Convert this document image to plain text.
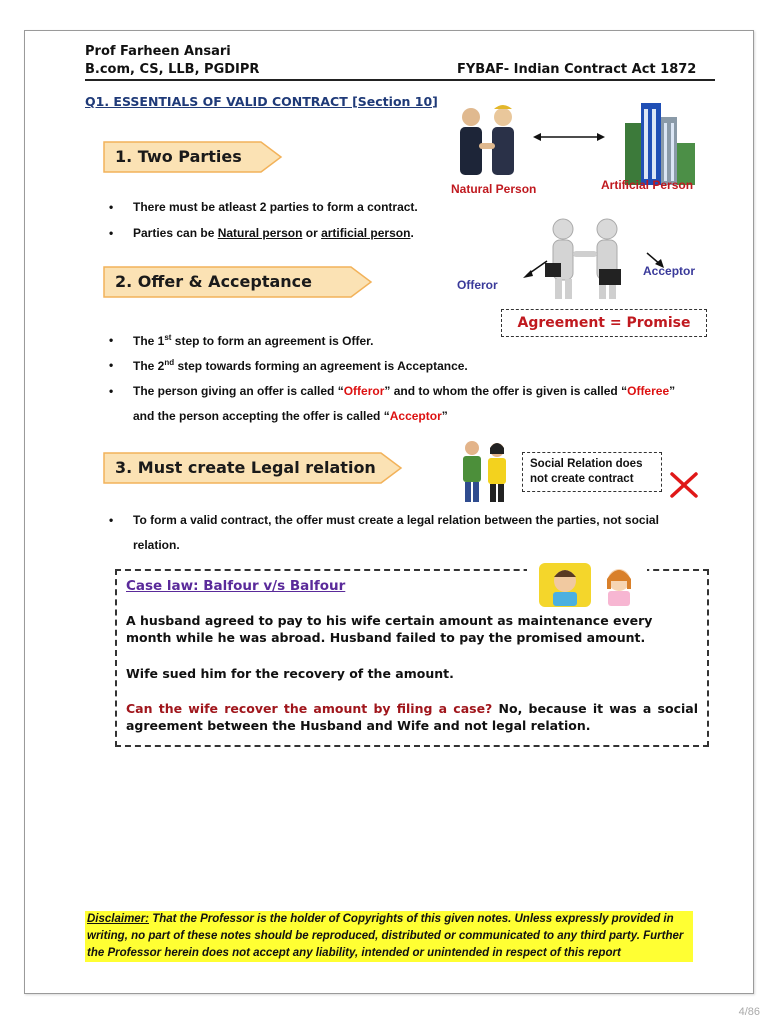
Prof Farheen Ansari
B.com, CS, LLB, PGDIPR	FYBAF- Indian Contract Act 1872
Q1. ESSENTIALS OF VALID CONTRACT [Section 10]
1. Two Parties
Natural Person	Artificial Person
• There must be atleast 2 parties to form a contract.
• Parties can be Natural person or artificial person.
2. Offer & Acceptance	Offeror
Acceptor
Agreement = Promise
• The 1st step to form an agreement is Offer.
• The 2nd step towards forming an agreement is Acceptance.
• The person giving an offer is called “Offeror” and to whom the offer is given is called “Offeree”
and the person accepting the offer is called “Acceptor”
3. Must create Legal relation	Social Relation does
not create contract
• To form a valid contract, the offer must create a legal relation between the parties, not social
relation.
Case law: Balfour v/s Balfour
A husband agreed to pay to his wife certain amount as maintenance every month while he was abroad. Husband failed to pay the promised amount.
Wife sued him for the recovery of the amount.
Can the wife recover the amount by filing a case? No, because it was a social agreement between the Husband and Wife and not legal relation.
Disclaimer: That the Professor is the holder of Copyrights of this given notes. Unless expressly provided in writing, no part of these notes should be reproduced, distributed or communicated to any third party. Further the Professor herein does not accept any liability, intended or unintended in respect of this report
4/86
